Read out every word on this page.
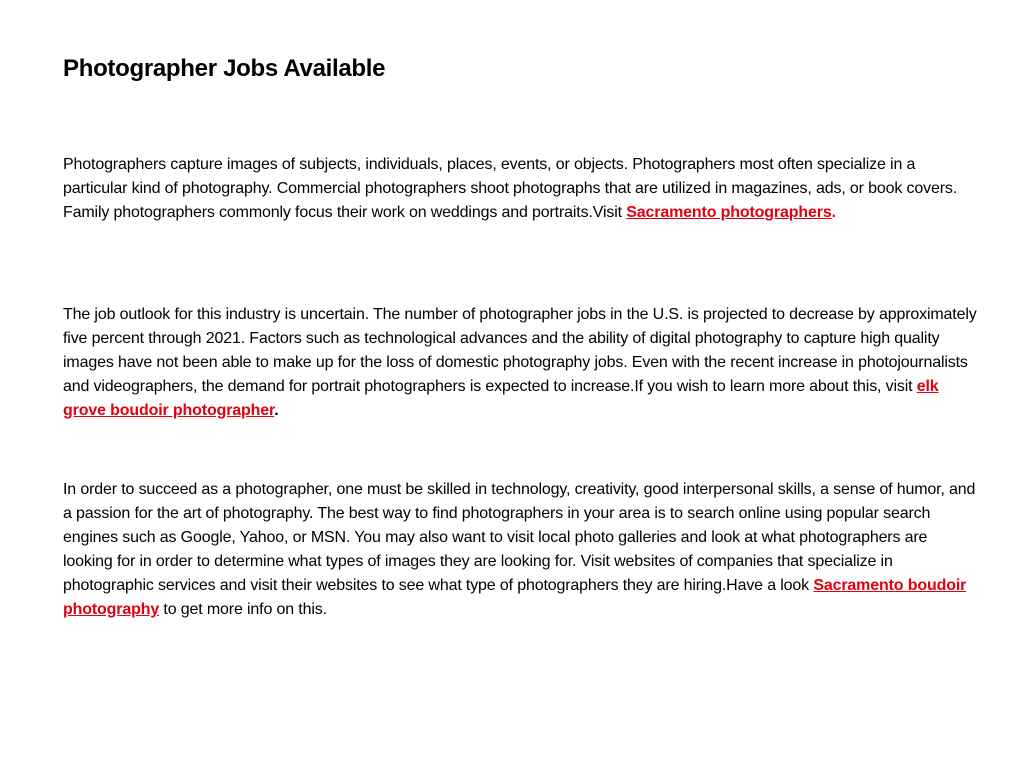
Photographer Jobs Available

Photographers capture images of subjects, individuals, places, events, or objects. Photographers most often specialize in a particular kind of photography. Commercial photographers shoot photographs that are utilized in magazines, ads, or book covers. Family photographers commonly focus their work on weddings and portraits.Visit Sacramento photographers.

The job outlook for this industry is uncertain. The number of photographer jobs in the U.S. is projected to decrease by approximately five percent through 2021. Factors such as technological advances and the ability of digital photography to capture high quality images have not been able to make up for the loss of domestic photography jobs. Even with the recent increase in photojournalists and videographers, the demand for portrait photographers is expected to increase.If you wish to learn more about this, visit elk grove boudoir photographer.

In order to succeed as a photographer, one must be skilled in technology, creativity, good interpersonal skills, a sense of humor, and a passion for the art of photography. The best way to find photographers in your area is to search online using popular search engines such as Google, Yahoo, or MSN. You may also want to visit local photo galleries and look at what photographers are looking for in order to determine what types of images they are looking for. Visit websites of companies that specialize in photographic services and visit their websites to see what type of photographers they are hiring.Have a look Sacramento boudoir photography to get more info on this.
